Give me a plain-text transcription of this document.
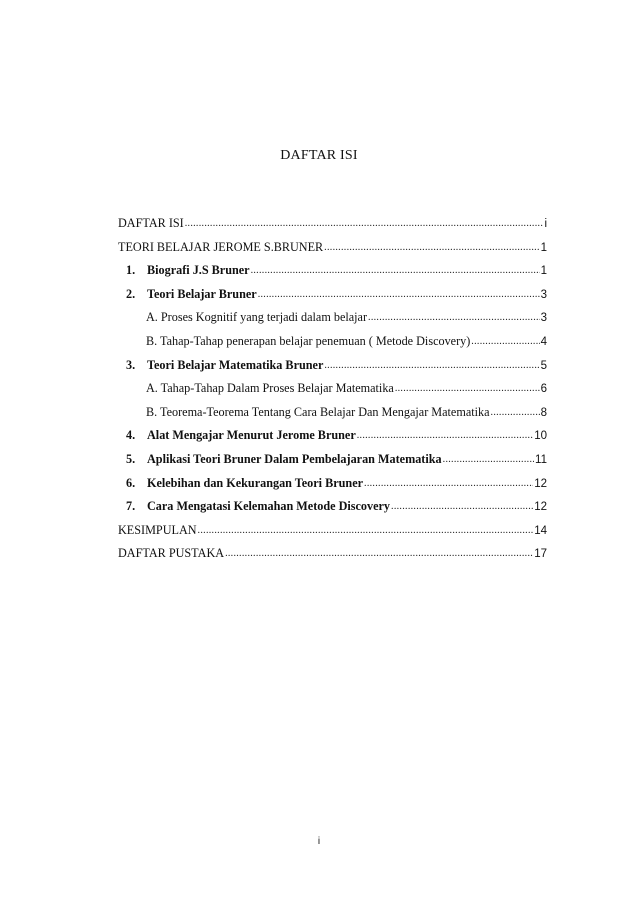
DAFTAR ISI
DAFTAR ISI .....	i
TEORI BELAJAR JEROME S.BRUNER .....	1
1. Biografi J.S Bruner .....	1
2. Teori Belajar Bruner .....	3
A. Proses Kognitif yang terjadi dalam belajar .....	3
B. Tahap-Tahap penerapan belajar penemuan ( Metode Discovery) .....	4
3. Teori Belajar Matematika Bruner .....	5
A. Tahap-Tahap Dalam Proses Belajar Matematika .....	6
B. Teorema-Teorema Tentang Cara Belajar Dan Mengajar Matematika .....	8
4. Alat Mengajar Menurut Jerome Bruner .....	10
5. Aplikasi Teori Bruner Dalam Pembelajaran Matematika .....	11
6. Kelebihan dan Kekurangan Teori Bruner .....	12
7. Cara Mengatasi Kelemahan Metode Discovery .....	12
KESIMPULAN .....	14
DAFTAR PUSTAKA .....	17
i
